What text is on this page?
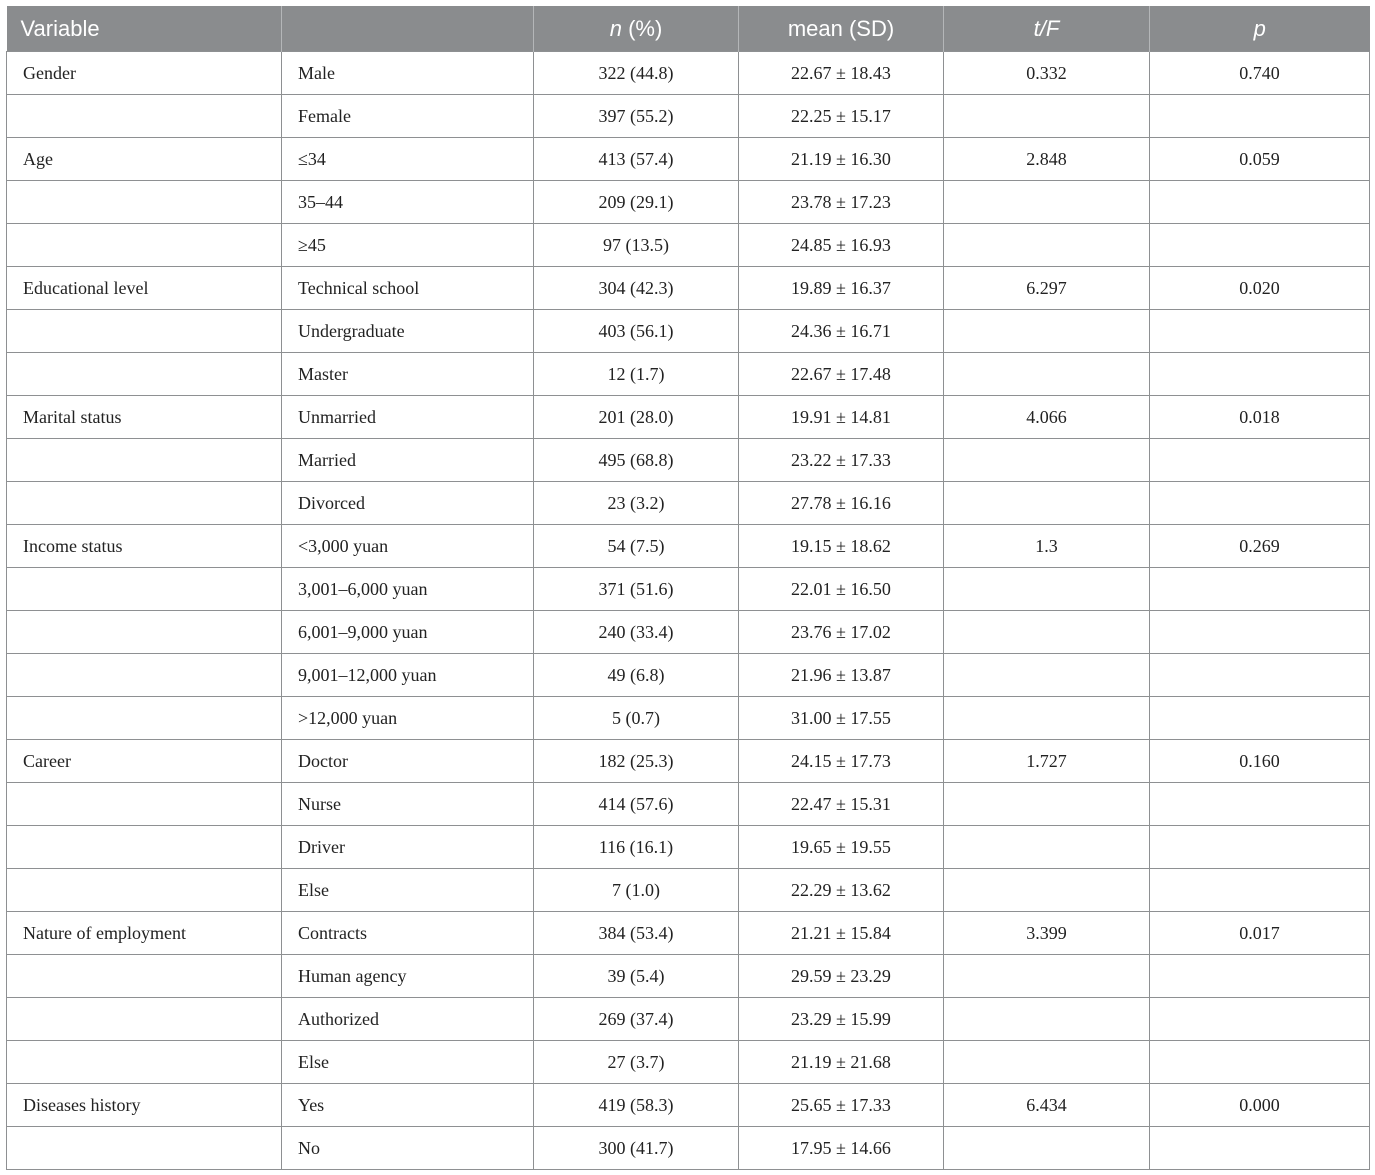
Variable		n (%)	mean (SD)	t/F	p
Gender	Male	322 (44.8)	22.67 ± 18.43	0.332	0.740
	Female	397 (55.2)	22.25 ± 15.17		
Age	≤34	413 (57.4)	21.19 ± 16.30	2.848	0.059
	35–44	209 (29.1)	23.78 ± 17.23		
	≥45	97 (13.5)	24.85 ± 16.93		
Educational level	Technical school	304 (42.3)	19.89 ± 16.37	6.297	0.020
	Undergraduate	403 (56.1)	24.36 ± 16.71		
	Master	12 (1.7)	22.67 ± 17.48		
Marital status	Unmarried	201 (28.0)	19.91 ± 14.81	4.066	0.018
	Married	495 (68.8)	23.22 ± 17.33		
	Divorced	23 (3.2)	27.78 ± 16.16		
Income status	<3,000 yuan	54 (7.5)	19.15 ± 18.62	1.3	0.269
	3,001–6,000 yuan	371 (51.6)	22.01 ± 16.50		
	6,001–9,000 yuan	240 (33.4)	23.76 ± 17.02		
	9,001–12,000 yuan	49 (6.8)	21.96 ± 13.87		
	>12,000 yuan	5 (0.7)	31.00 ± 17.55		
Career	Doctor	182 (25.3)	24.15 ± 17.73	1.727	0.160
	Nurse	414 (57.6)	22.47 ± 15.31		
	Driver	116 (16.1)	19.65 ± 19.55		
	Else	7 (1.0)	22.29 ± 13.62		
Nature of employment	Contracts	384 (53.4)	21.21 ± 15.84	3.399	0.017
	Human agency	39 (5.4)	29.59 ± 23.29		
	Authorized	269 (37.4)	23.29 ± 15.99		
	Else	27 (3.7)	21.19 ± 21.68		
Diseases history	Yes	419 (58.3)	25.65 ± 17.33	6.434	0.000
	No	300 (41.7)	17.95 ± 14.66		
